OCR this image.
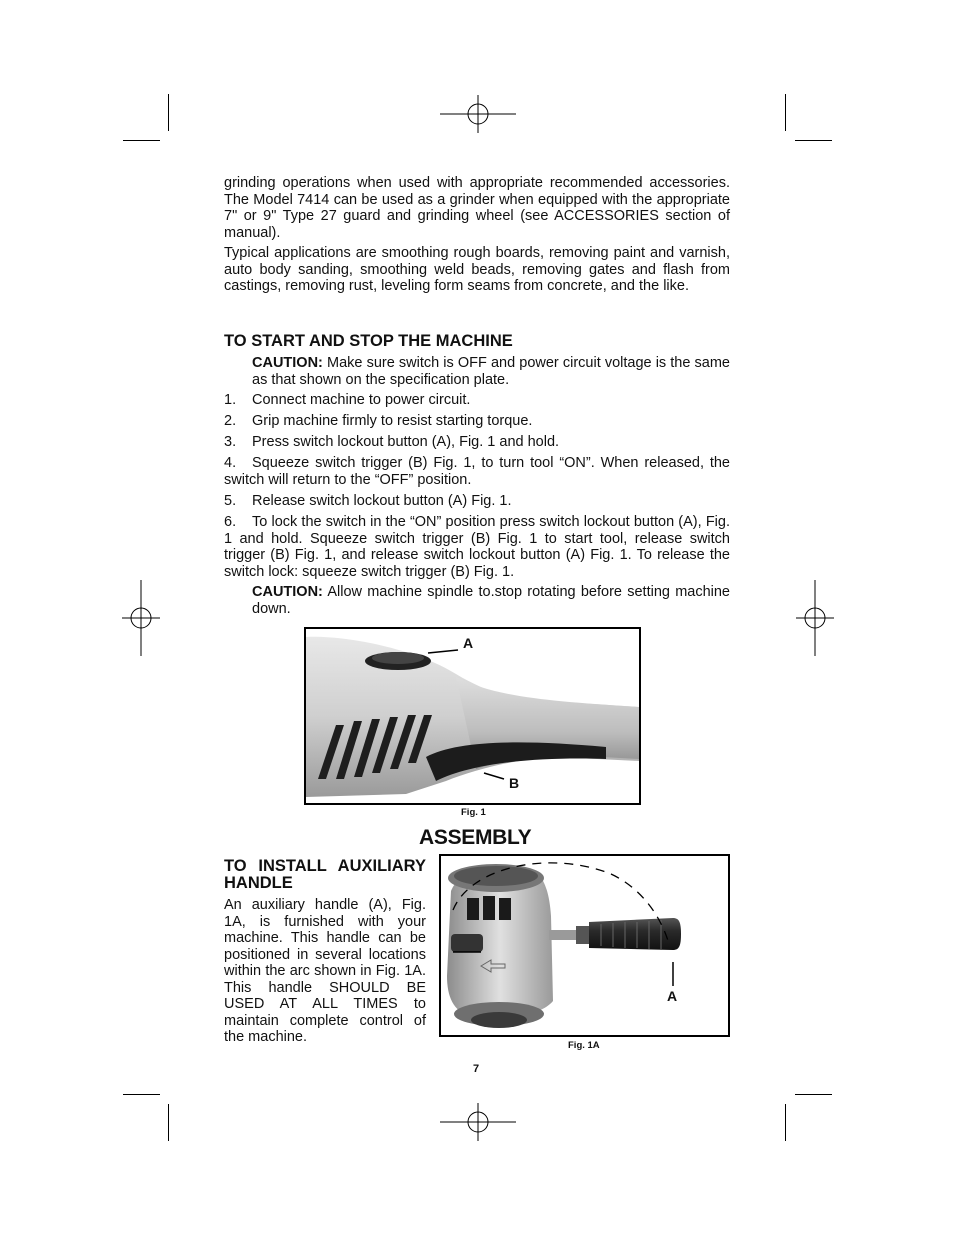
grinding operations when used with appropriate recommended accessories. The Model 7414 can be used as a grinder when equipped with the appropriate 7" or 9" Type 27 guard and grinding wheel (see ACCESSORIES section of manual).

Typical applications are smoothing rough boards, removing paint and varnish, auto body sanding, smoothing weld beads, removing gates and flash from castings, removing rust, leveling form seams from concrete, and the like.

TO START AND STOP THE MACHINE
CAUTION: Make sure switch is OFF and power circuit voltage is the same as that shown on the specification plate.
1. Connect machine to power circuit.
2. Grip machine firmly to resist starting torque.
3. Press switch lockout button (A), Fig. 1 and hold.
4. Squeeze switch trigger (B) Fig. 1, to turn tool “ON”. When released, the switch will return to the “OFF” position.
5. Release switch lockout button (A) Fig. 1.
6. To lock the switch in the “ON” position press switch lockout button (A), Fig. 1 and hold. Squeeze switch trigger (B) Fig. 1 to start tool, release switch trigger (B) Fig. 1, and release switch lockout button (A) Fig. 1. To release the switch lock: squeeze switch trigger (B) Fig. 1.
CAUTION: Allow machine spindle to.stop rotating before setting machine down.
A
B
Fig. 1
ASSEMBLY
TO INSTALL AUXILIARY HANDLE

An auxiliary handle (A), Fig. 1A, is furnished with your machine. This handle can be positioned in several locations within the arc shown in Fig. 1A. This handle SHOULD BE USED AT ALL TIMES to maintain complete control of the machine.

A
Fig. 1A
7
